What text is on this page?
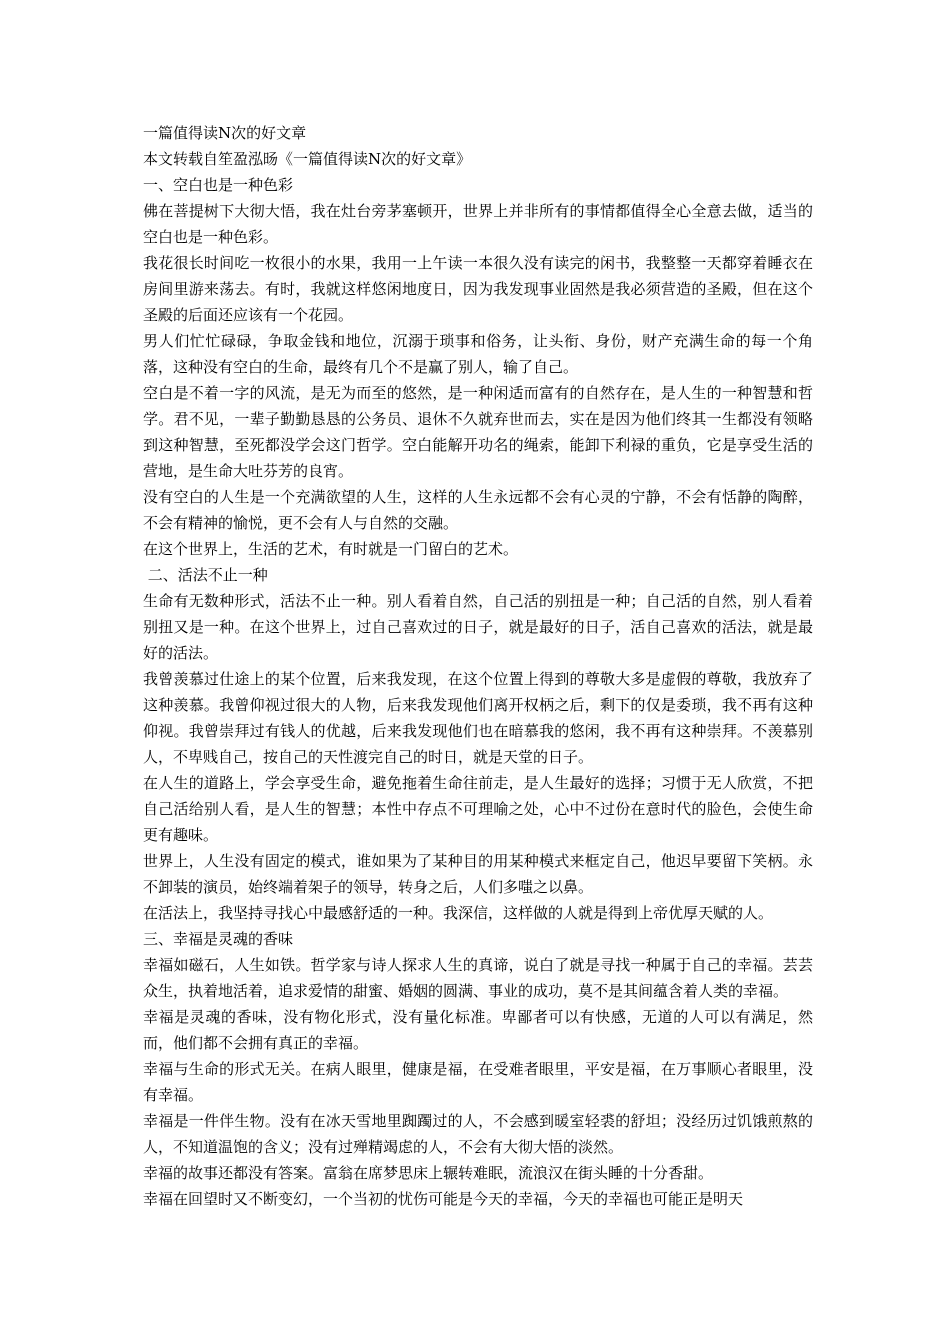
一篇值得读N次的好文章
本文转载自笙盈泓旸《一篇值得读N次的好文章》
一、空白也是一种色彩
佛在菩提树下大彻大悟，我在灶台旁茅塞顿开，世界上并非所有的事情都值得全心全意去做，适当的空白也是一种色彩。
我花很长时间吃一枚很小的水果，我用一上午读一本很久没有读完的闲书，我整整一天都穿着睡衣在房间里游来荡去。有时，我就这样悠闲地度日，因为我发现事业固然是我必须营造的圣殿，但在这个圣殿的后面还应该有一个花园。
男人们忙忙碌碌，争取金钱和地位，沉溺于琐事和俗务，让头衔、身份，财产充满生命的每一个角落，这种没有空白的生命，最终有几个不是赢了别人，输了自己。
空白是不着一字的风流，是无为而至的悠然，是一种闲适而富有的自然存在，是人生的一种智慧和哲学。君不见，一辈子勤勤恳恳的公务员、退休不久就弃世而去，实在是因为他们终其一生都没有领略到这种智慧，至死都没学会这门哲学。空白能解开功名的绳索，能卸下利禄的重负，它是享受生活的营地，是生命大吐芬芳的良宵。
没有空白的人生是一个充满欲望的人生，这样的人生永远都不会有心灵的宁静，不会有恬静的陶醉，不会有精神的愉悦，更不会有人与自然的交融。
在这个世界上，生活的艺术，有时就是一门留白的艺术。
二、活法不止一种
生命有无数种形式，活法不止一种。别人看着自然，自己活的别扭是一种；自己活的自然，别人看着别扭又是一种。在这个世界上，过自己喜欢过的日子，就是最好的日子，活自己喜欢的活法，就是最好的活法。
我曾羡慕过仕途上的某个位置，后来我发现，在这个位置上得到的尊敬大多是虚假的尊敬，我放弃了这种羡慕。我曾仰视过很大的人物，后来我发现他们离开权柄之后，剩下的仅是委琐，我不再有这种仰视。我曾崇拜过有钱人的优越，后来我发现他们也在暗慕我的悠闲，我不再有这种崇拜。不羡慕别人，不卑贱自己，按自己的天性渡完自己的时日，就是天堂的日子。
在人生的道路上，学会享受生命，避免拖着生命往前走，是人生最好的选择；习惯于无人欣赏，不把自己活给别人看，是人生的智慧；本性中存点不可理喻之处，心中不过份在意时代的脸色，会使生命更有趣味。
世界上，人生没有固定的模式，谁如果为了某种目的用某种模式来框定自己，他迟早要留下笑柄。永不卸装的演员，始终端着架子的领导，转身之后，人们多嗤之以鼻。
在活法上，我坚持寻找心中最感舒适的一种。我深信，这样做的人就是得到上帝优厚天赋的人。
三、幸福是灵魂的香味
幸福如磁石，人生如铁。哲学家与诗人探求人生的真谛，说白了就是寻找一种属于自己的幸福。芸芸众生，执着地活着，追求爱情的甜蜜、婚姻的圆满、事业的成功，莫不是其间蕴含着人类的幸福。
幸福是灵魂的香味，没有物化形式，没有量化标准。卑鄙者可以有快感，无道的人可以有满足，然而，他们都不会拥有真正的幸福。
幸福与生命的形式无关。在病人眼里，健康是福，在受难者眼里，平安是福，在万事顺心者眼里，没有幸福。
幸福是一件伴生物。没有在冰天雪地里踟躅过的人，不会感到暖室轻裘的舒坦；没经历过饥饿煎熬的人，不知道温饱的含义；没有过殚精竭虑的人，不会有大彻大悟的淡然。
幸福的故事还都没有答案。富翁在席梦思床上辗转难眠，流浪汉在街头睡的十分香甜。
幸福在回望时又不断变幻，一个当初的忧伤可能是今天的幸福，今天的幸福也可能正是明天
